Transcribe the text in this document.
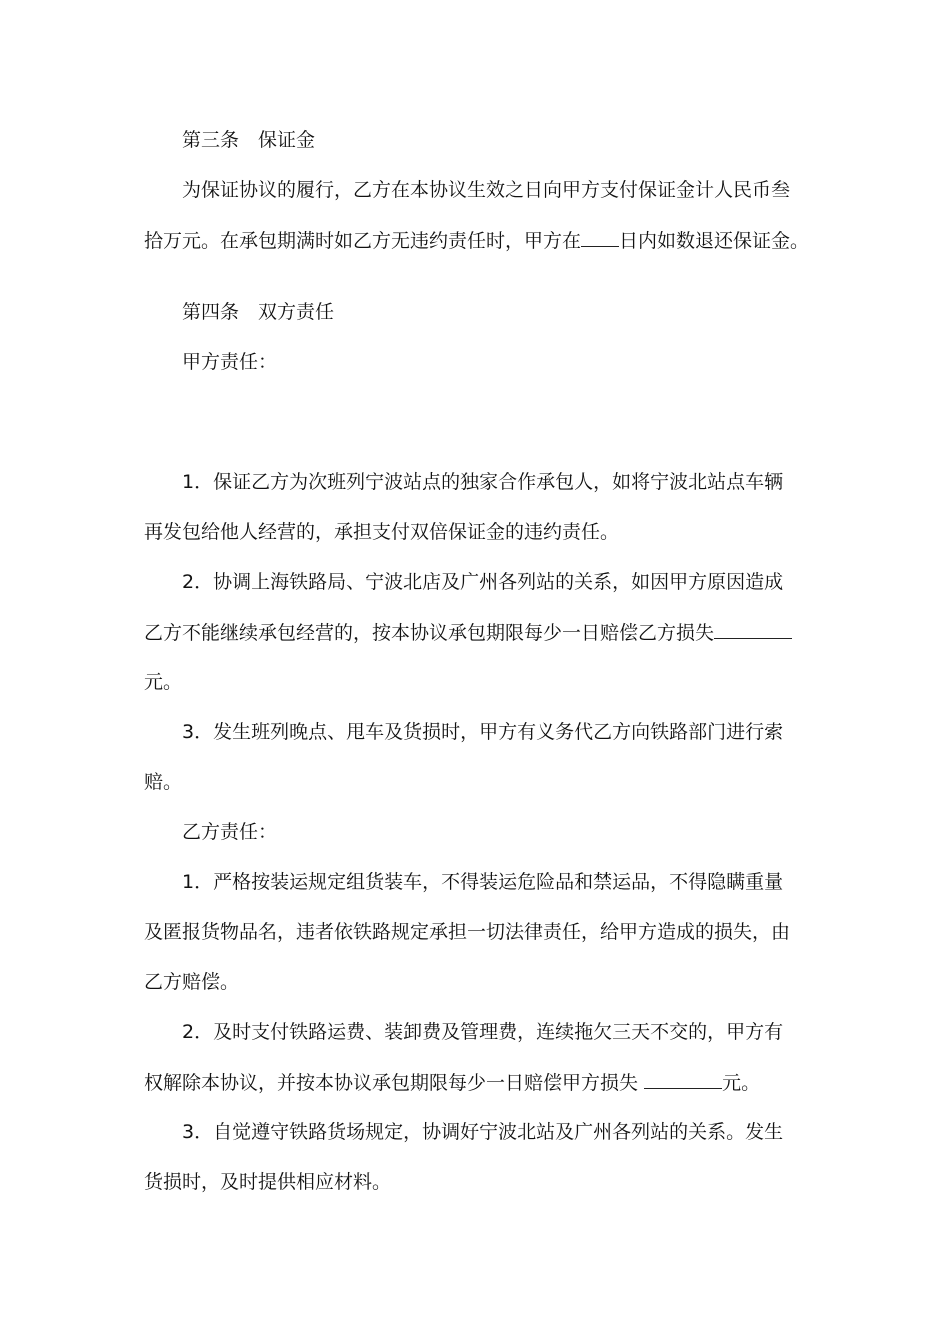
第三条　保证金
为保证协议的履行，乙方在本协议生效之日向甲方支付保证金计人民币叁
拾万元。在承包期满时如乙方无违约责任时，甲方在 日内如数退还保证金。
第四条　双方责任
甲方责任：
1．保证乙方为次班列宁波站点的独家合作承包人，如将宁波北站点车辆
再发包给他人经营的，承担支付双倍保证金的违约责任。
2．协调上海铁路局、宁波北店及广州各列站的关系，如因甲方原因造成
乙方不能继续承包经营的，按本协议承包期限每少一日赔偿乙方损失
元。
3．发生班列晚点、甩车及货损时，甲方有义务代乙方向铁路部门进行索
赔。
乙方责任：
1．严格按装运规定组货装车，不得装运危险品和禁运品，不得隐瞒重量
及匿报货物品名，违者依铁路规定承担一切法律责任，给甲方造成的损失，由
乙方赔偿。
2．及时支付铁路运费、装卸费及管理费，连续拖欠三天不交的，甲方有
权解除本协议，并按本协议承包期限每少一日赔偿甲方损失	元。
3．自觉遵守铁路货场规定，协调好宁波北站及广州各列站的关系。发生
货损时，及时提供相应材料。
